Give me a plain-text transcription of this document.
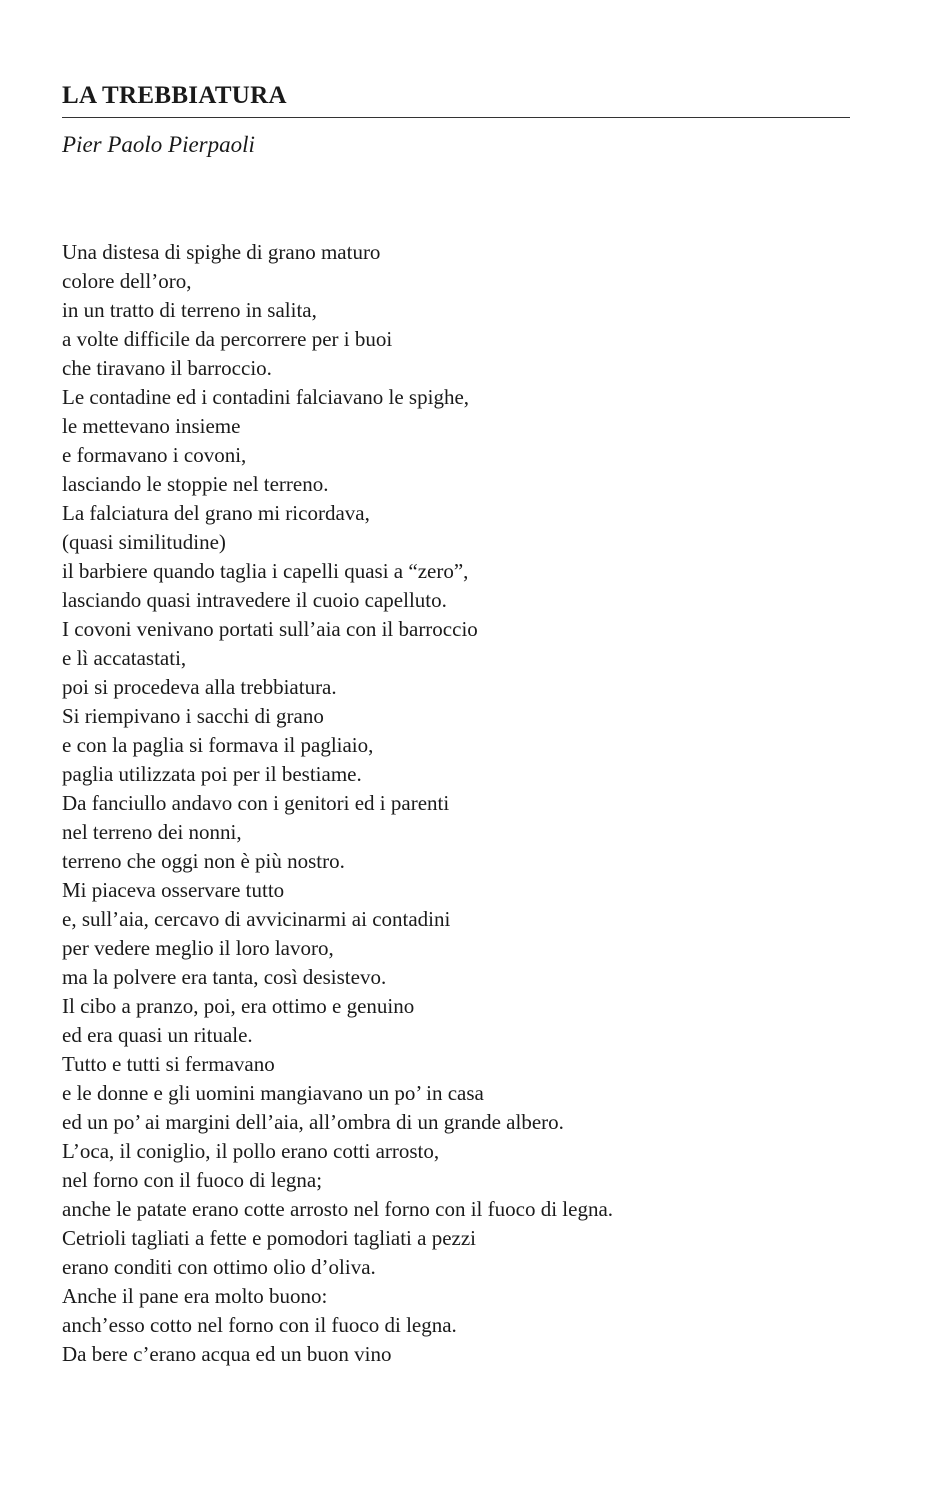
LA TREBBIATURA
Pier Paolo Pierpaoli
Una distesa di spighe di grano maturo
colore dell’oro,
in un tratto di terreno in salita,
a volte difficile da percorrere per i buoi
che tiravano il barroccio.
Le contadine ed i contadini falciavano le spighe,
le mettevano insieme
e formavano i covoni,
lasciando le stoppie nel terreno.
La falciatura del grano mi ricordava,
(quasi similitudine)
il barbiere quando taglia i capelli quasi a “zero”,
lasciando quasi intravedere il cuoio capelluto.
I covoni venivano portati sull’aia con il barroccio
e lì accatastati,
poi si procedeva alla trebbiatura.
Si riempivano i sacchi di grano
e con la paglia si formava il pagliaio,
paglia utilizzata poi per il bestiame.
Da fanciullo andavo con i genitori ed i parenti
nel terreno dei nonni,
terreno che oggi non è più nostro.
Mi piaceva osservare tutto
e, sull’aia, cercavo di avvicinarmi ai contadini
per vedere meglio il loro lavoro,
ma la polvere era tanta, così desistevo.
Il cibo a pranzo, poi, era ottimo e genuino
ed era quasi un rituale.
Tutto e tutti si fermavano
e le donne e gli uomini mangiavano un po’ in casa
ed un po’ ai margini dell’aia, all’ombra di un grande albero.
L’oca, il coniglio, il pollo erano cotti arrosto,
nel forno con il fuoco di legna;
anche le patate erano cotte arrosto nel forno con il fuoco di legna.
Cetrioli tagliati a fette e pomodori tagliati a pezzi
erano conditi con ottimo olio d’oliva.
Anche il pane era molto buono:
anch’esso cotto nel forno con il fuoco di legna.
Da bere c’erano acqua ed un buon vino
